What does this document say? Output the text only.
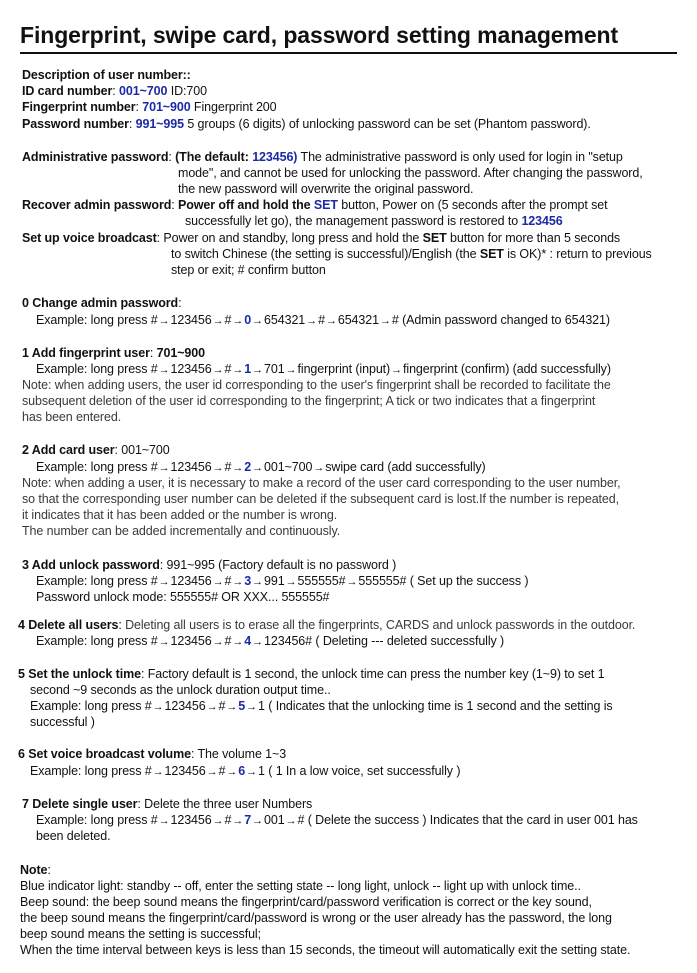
Fingerprint, swipe card, password setting management
Description of user number::
ID card number: 001~700 ID:700
Fingerprint number: 701~900 Fingerprint 200
Password number: 991~995 5 groups (6 digits) of unlocking password can be set (Phantom password).
Administrative password: (The default: 123456) The administrative password is only used for login in "setup
mode", and cannot be used for unlocking the password. After changing the password,
the new password will overwrite the original password.
Recover admin password: Power off and hold the SET button, Power on (5 seconds after the prompt set
successfully let go), the management password is restored to 123456
Set up voice broadcast: Power on and standby, long press and hold the SET button for more than 5 seconds
to switch Chinese (the setting is successful)/English (the SET is OK)* : return to previous
step or exit; # confirm button
0 Change admin password:
Example: long press #→123456→#→0→654321→#→654321→# (Admin password changed to 654321)
1 Add fingerprint user: 701~900
Example: long press #→123456→#→1→701→fingerprint (input)→fingerprint (confirm) (add successfully)
Note: when adding users, the user id corresponding to the user's fingerprint shall be recorded to facilitate the
subsequent deletion of the user id corresponding to the fingerprint; A tick or two indicates that a fingerprint
has been entered.
2 Add card user: 001~700
Example: long press #→123456→#→2→001~700→swipe card (add successfully)
Note: when adding a user, it is necessary to make a record of the user card corresponding to the user number,
so that the corresponding user number can be deleted if the subsequent card is lost.If the number is repeated,
it indicates that it has been added or the number is wrong.
The number can be added incrementally and continuously.
3 Add unlock password: 991~995 (Factory default is no password )
Example: long press #→123456→#→3→991→555555#→555555# ( Set up the success )
Password unlock mode: 555555# OR XXX... 555555#
4 Delete all users: Deleting all users is to erase all the fingerprints, CARDS and unlock passwords in the outdoor.
Example: long press #→123456→#→4→123456# ( Deleting --- deleted successfully )
5 Set the unlock time: Factory default is 1 second, the unlock time can press the number key (1~9) to set 1
second ~9 seconds as the unlock duration output time..
Example: long press #→123456→#→5→1 ( Indicates that the unlocking time is 1 second and the setting is
successful )
6 Set voice broadcast volume: The volume 1~3
Example: long press #→123456→#→6→1 ( 1 In a low voice, set successfully )
7 Delete single user: Delete the three user Numbers
Example: long press #→123456→#→7→001→# ( Delete the success ) Indicates that the card in user 001 has
been deleted.
Note:
Blue indicator light: standby -- off, enter the setting state -- long light, unlock -- light up with unlock time..
Beep sound: the beep sound means the fingerprint/card/password verification is correct or the key sound,
the beep sound means the fingerprint/card/password is wrong or the user already has the password, the long
beep sound means the setting is successful;
When the time interval between keys is less than 15 seconds, the timeout will automatically exit the setting state.
